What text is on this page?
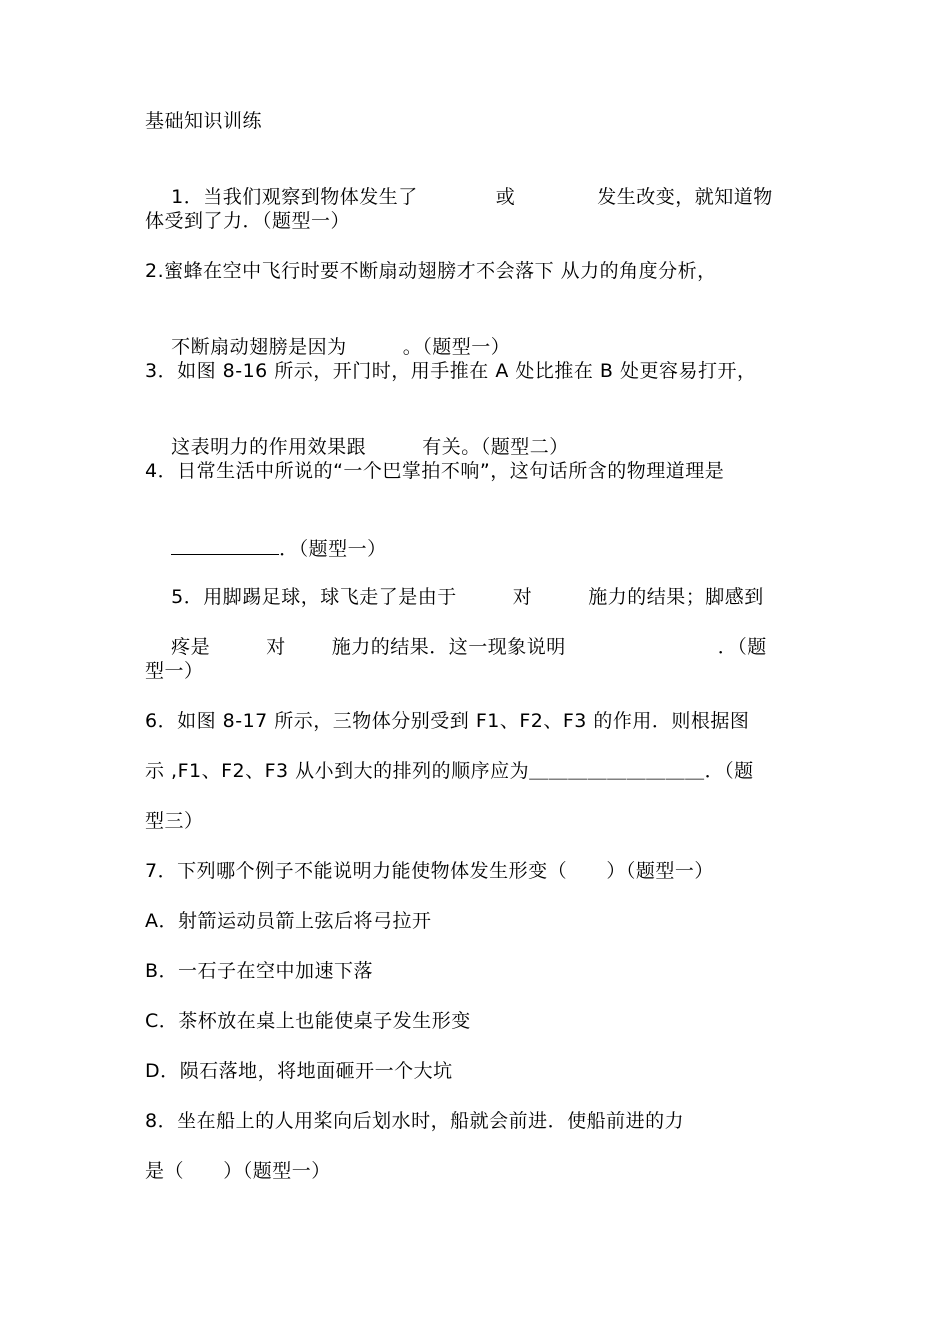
基础知识训练

1．当我们观察到物体发生了	或	发生改变，就知道物

体受到了力．（题型一）
2.蜜蜂在空中飞行时要不断扇动翅膀才不会落下 从力的角度分析，

不断扇动翅膀是因为	。（题型一）

3．如图 8-16 所示，开门时，用手推在 A 处比推在 B 处更容易打开，

这表明力的作用效果跟	有关。（题型二）

4．日常生活中所说的“一个巴掌拍不响”，这句话所含的物理道理是

．（题型一）

5．用脚踢足球，球飞走了是由于	对	施力的结果；脚感到

疼是	对 施力的结果．这一现象说明	．（题

型一）
6．如图 8-17 所示，三物体分别受到 F1、F2、F3 的作用．则根据图
示 ,F1、F2、F3 从小到大的排列的顺序应为＿＿＿＿＿＿＿＿＿．（题
型三）
7．下列哪个例子不能说明力能使物体发生形变（      ）（题型一）
A．射箭运动员箭上弦后将弓拉开
B．一石子在空中加速下落
C．茶杯放在桌上也能使桌子发生形变
D．陨石落地，将地面砸开一个大坑
8．坐在船上的人用桨向后划水时，船就会前进．使船前进的力
是（      ）（题型一）
